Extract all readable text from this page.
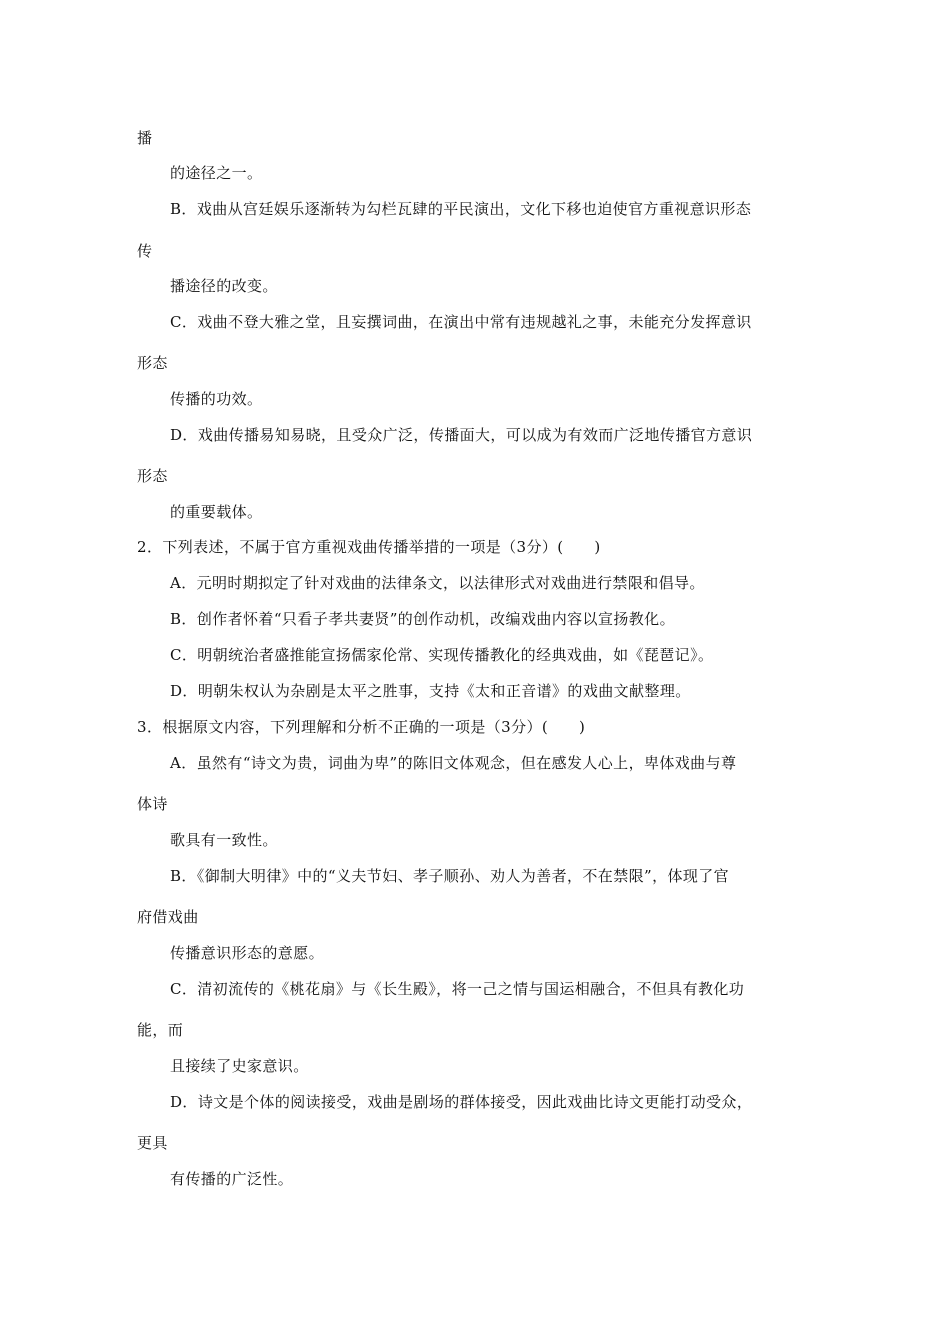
播
的途径之一。
B．戏曲从宫廷娱乐逐渐转为勾栏瓦肆的平民演出，文化下移也迫使官方重视意识形态
传
播途径的改变。
C．戏曲不登大雅之堂，且妄撰词曲，在演出中常有违规越礼之事，未能充分发挥意识
形态
传播的功效。
D．戏曲传播易知易晓，且受众广泛，传播面大，可以成为有效而广泛地传播官方意识
形态
的重要载体。
2．下列表述，不属于官方重视戏曲传播举措的一项是（3分）(　　)
A．元明时期拟定了针对戏曲的法律条文，以法律形式对戏曲进行禁限和倡导。
B．创作者怀着“只看子孝共妻贤”的创作动机，改编戏曲内容以宣扬教化。
C．明朝统治者盛推能宣扬儒家伦常、实现传播教化的经典戏曲，如《琵琶记》。
D．明朝朱权认为杂剧是太平之胜事，支持《太和正音谱》的戏曲文献整理。
3．根据原文内容，下列理解和分析不正确的一项是（3分）(　　)
A．虽然有“诗文为贵，词曲为卑”的陈旧文体观念，但在感发人心上，卑体戏曲与尊
体诗
歌具有一致性。
B．《御制大明律》中的“义夫节妇、孝子顺孙、劝人为善者，不在禁限”，体现了官
府借戏曲
传播意识形态的意愿。
C．清初流传的《桃花扇》与《长生殿》，将一己之情与国运相融合，不但具有教化功
能，而
且接续了史家意识。
D．诗文是个体的阅读接受，戏曲是剧场的群体接受，因此戏曲比诗文更能打动受众，
更具
有传播的广泛性。
